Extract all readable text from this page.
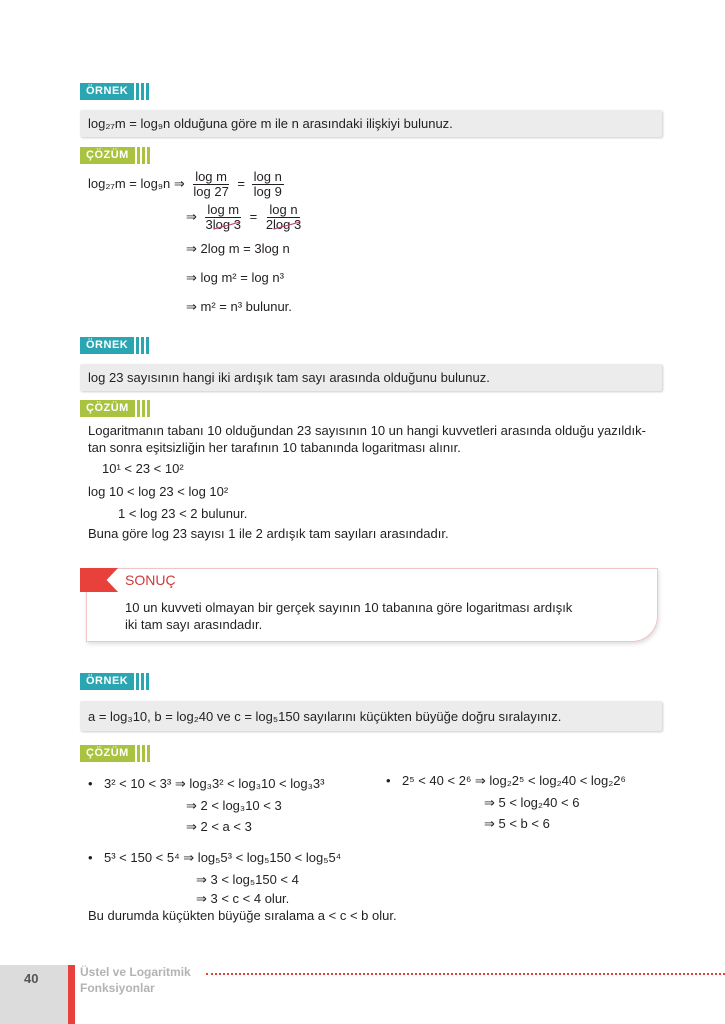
ÖRNEK
log₂₇m = log₉n olduğuna göre m ile n arasındaki ilişkiyi bulunuz.
ÇÖZÜM
log₂₇m = log₉n ⇒ $\frac{\text{log m}}{\log 27} = \frac{\text{log n}}{\log 9}$
⇒ $\frac{\text{log m}}{3\log 3} = \frac{\text{log n}}{2\log 3}$
⇒ 2log m = 3log n
⇒ log m² = log n³
⇒ m² = n³ bulunur.
ÖRNEK
log 23 sayısının hangi iki ardışık tam sayı arasında olduğunu bulunuz.
ÇÖZÜM
Logaritmanın tabanı 10 olduğundan 23 sayısının 10 un hangi kuvvetleri arasında olduğu yazıldık-
tan sonra eşitsizliğin her tarafının 10 tabanında logaritması alınır.
10¹ < 23 < 10²
log 10 < log 23 < log 10²
1 < log 23 < 2 bulunur.
Buna göre log 23 sayısı 1 ile 2 ardışık tam sayıları arasındadır.
SONUÇ
10 un kuvveti olmayan bir gerçek sayının 10 tabanına göre logaritması ardışık
iki tam sayı arasındadır.
ÖRNEK
a = log₃10, b = log₂40 ve c = log₅150 sayılarını küçükten büyüğe doğru sıralayınız.
ÇÖZÜM
• 3² < 10 < 3³ ⇒ log₃3² < log₃10 < log₃3³
⇒ 2 < log₃10 < 3
⇒ 2 < a < 3
• 2⁵ < 40 < 2⁶ ⇒ log₂2⁵ < log₂40 < log₂2⁶
⇒ 5 < log₂40 < 6
⇒ 5 < b < 6
• 5³ < 150 < 5⁴ ⇒ log₅5³ < log₅150 < log₅5⁴
⇒ 3 < log₅150 < 4
⇒ 3 < c < 4 olur.
Bu durumda küçükten büyüğe sıralama a < c < b olur.
40	Üstel ve Logaritmik
Fonksiyonlar
